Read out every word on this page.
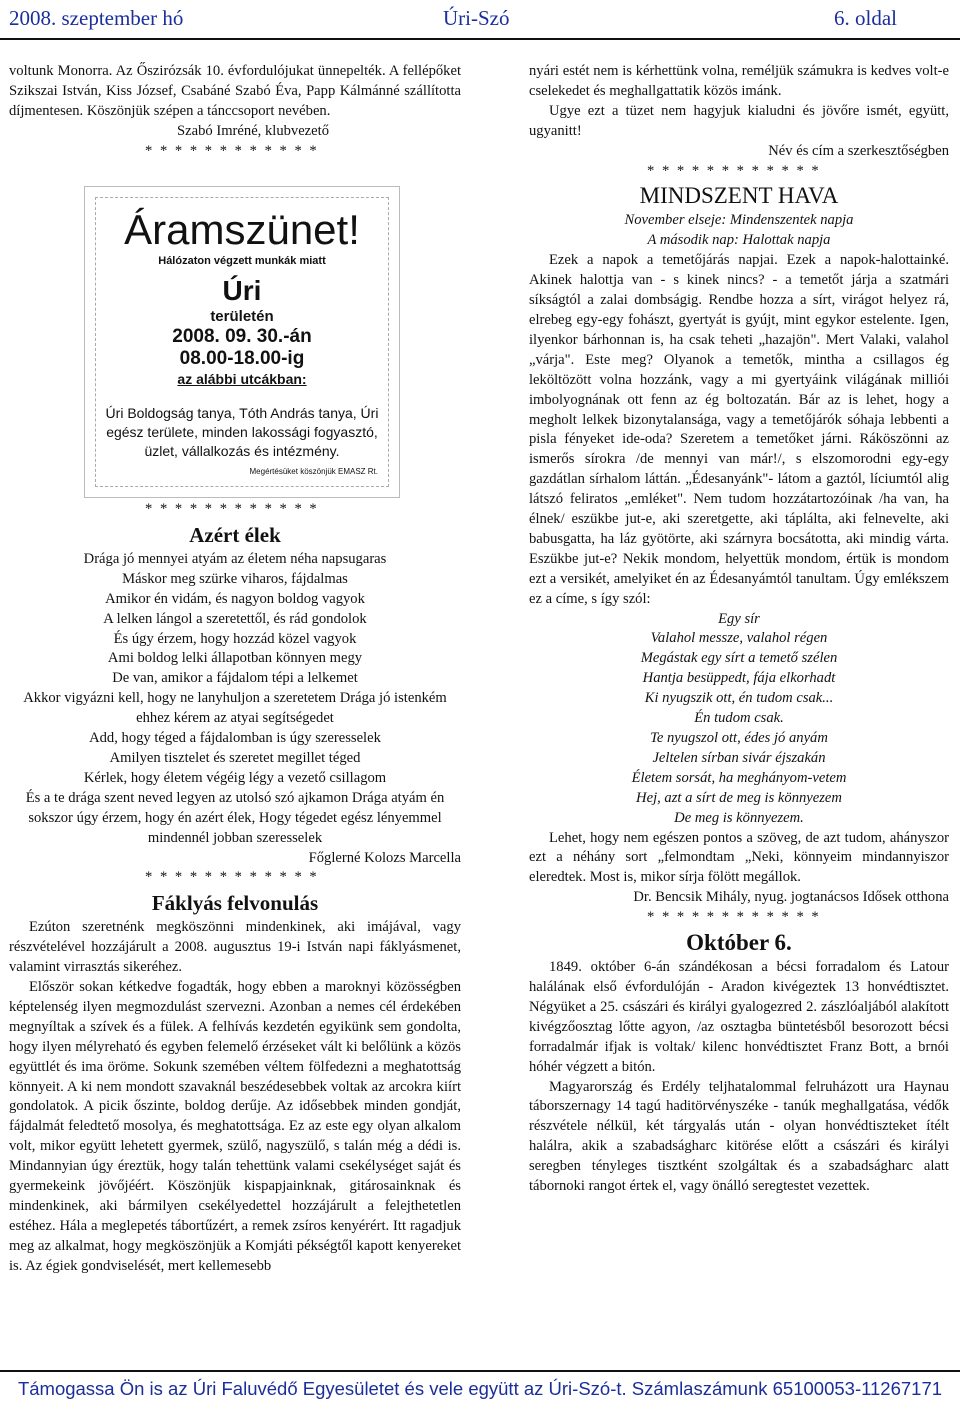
2008. szeptember hó	Úri-Szó	6. oldal

voltunk Monorra. Az Őszirózsák 10. évfordulójukat ünnepelték. A fellépőket Szikszai István, Kiss József, Csabáné Szabó Éva, Papp Kálmánné szállította díjmentesen. Köszönjük szépen a tánccsoport nevében.

Szabó Imréné, klubvezető

* * * * * * * * * * * *

Áramszünet!
Hálózaton végzett munkák miatt
Úri
területén
2008. 09. 30.-án
08.00-18.00-ig
az alábbi utcákban:
Úri Boldogság tanya, Tóth András tanya, Úri egész területe, minden lakossági fogyasztó, üzlet, vállalkozás és intézmény.
Megértésüket köszönjük EMASZ Rt.

* * * * * * * * * * * *

Azért élek

Drága jó mennyei atyám az életem néha napsugaras

Máskor meg szürke viharos, fájdalmas

Amikor én vidám, és nagyon boldog vagyok

A lelken lángol a szeretettől, és rád gondolok

És úgy érzem, hogy hozzád közel vagyok

Ami boldog lelki állapotban könnyen megy

De van, amikor a fájdalom tépi a lelkemet

Akkor vigyázni kell, hogy ne lanyhuljon a szeretetem Drága jó istenkém ehhez kérem az atyai segítségedet

Add, hogy téged a fájdalomban is úgy szeresselek

Amilyen tisztelet és szeretet megillet téged

Kérlek, hogy életem végéig légy a vezető csillagom

És a te drága szent neved legyen az utolsó szó ajkamon Drága atyám én sokszor úgy érzem, hogy én azért élek, Hogy tégedet egész lényemmel mindennél jobban szeresselek

Főglerné Kolozs Marcella

* * * * * * * * * * * *

Fáklyás felvonulás

Ezúton szeretnénk megköszönni mindenkinek, aki imájával, vagy részvételével hozzájárult a 2008. augusztus 19-i István napi fáklyásmenet, valamint virrasztás sikeréhez.

Először sokan kétkedve fogadták, hogy ebben a maroknyi közösségben képtelenség ilyen megmozdulást szervezni. Azonban a nemes cél érdekében megnyíltak a szívek és a fülek. A felhívás kezdetén egyikünk sem gondolta, hogy ilyen mélyreható és egyben felemelő érzéseket vált ki belőlünk a közös együttlét és ima öröme. Sokunk szemében véltem fölfedezni a meghatottság könnyeit. A ki nem mondott szavaknál beszédesebbek voltak az arcokra kiírt gondolatok. A picik őszinte, boldog derűje. Az idősebbek minden gondját, fájdalmát feledtető mosolya, és meghatottsága. Ez az este egy olyan alkalom volt, mikor együtt lehetett gyermek, szülő, nagyszülő, s talán még a dédi is. Mindannyian úgy éreztük, hogy talán tehettünk valami csekélységet saját és gyermekeink jövőjéért. Köszönjük kispapjainknak, gitárosainknak és mindenkinek, aki bármilyen csekélyedettel hozzájárult a felejthetetlen estéhez. Hála a meglepetés tábortűzért, a remek zsíros kenyérért. Itt ragadjuk meg az alkalmat, hogy megköszönjük a Komjáti pékségtől kapott kenyereket is. Az égiek gondviselését, mert kellemesebb

nyári estét nem is kérhettünk volna, reméljük számukra is kedves volt-e cselekedet és meghallgattatik közös imánk.

Ugye ezt a tüzet nem hagyjuk kialudni és jövőre ismét, együtt, ugyanitt!

Név és cím a szerkesztőségben

* * * * * * * * * * * *

MINDSZENT HAVA

November elseje: Mindenszentek napja

A második nap: Halottak napja

Ezek a napok a temetőjárás napjai. Ezek a napok-halottainké. Akinek halottja van - s kinek nincs? - a temetőt járja a szatmári síkságtól a zalai dombságig. Rendbe hozza a sírt, virágot helyez rá, elrebeg egy-egy fohászt, gyertyát is gyújt, mint egykor estelente. Igen, ilyenkor bárhonnan is, ha csak teheti „hazajön". Mert Valaki, valahol „várja". Este meg? Olyanok a temetők, mintha a csillagos ég leköltözött volna hozzánk, vagy a mi gyertyáink világának milliói imbolyognának ott fenn az ég boltozatán. Bár az is lehet, hogy a megholt lelkek bizonytalansága, vagy a temetőjárók sóhaja lebbenti a pisla fényeket ide-oda? Szeretem a temetőket járni. Ráköszönni az ismerős sírokra /de mennyi van már!/, s elszomorodni egy-egy gazdátlan sírhalom láttán. „Édesanyánk"- látom a gaztól, líciumtól alig látszó feliratos „emléket". Nem tudom hozzátartozóinak /ha van, ha élnek/ eszükbe jut-e, aki szeretgette, aki táplálta, aki felnevelte, aki babusgatta, ha láz gyötörte, aki szárnyra bocsátotta, aki mindig várta. Eszükbe jut-e? Nekik mondom, helyettük mondom, értük is mondom ezt a versikét, amelyiket én az Édesanyámtól tanultam. Úgy emlékszem ez a címe, s így szól:

Egy sír

Valahol messze, valahol régen

Megástak egy sírt a temető szélen

Hantja besüppedt, fája elkorhadt

Ki nyugszik ott, én tudom csak...

Én tudom csak.

Te nyugszol ott, édes jó anyám

Jeltelen sírban sivár éjszakán

Életem sorsát, ha meghányom-vetem

Hej, azt a sírt de meg is könnyezem

De meg is könnyezem.

Lehet, hogy nem egészen pontos a szöveg, de azt tudom, ahányszor ezt a néhány sort „felmondtam „Neki, könnyeim mindannyiszor eleredtek. Most is, mikor sírja fölött megállok.

Dr. Bencsik Mihály, nyug. jogtanácsos Idősek otthona

* * * * * * * * * * * *

Október 6.

1849. október 6-án szándékosan a bécsi forradalom és Latour halálának első évfordulóján - Aradon kivégeztek 13 honvédtisztet. Négyüket a 25. császári és királyi gyalogezred 2. zászlóaljából alakított kivégzőosztag lőtte agyon, /az osztagba büntetésből besorozott bécsi forradalmár ifjak is voltak/ kilenc honvédtisztet Franz Bott, a brnói hóhér végzett a bitón.

Magyarország és Erdély teljhatalommal felruházott ura Haynau táborszernagy 14 tagú haditörvényszéke - tanúk meghallgatása, védők részvétele nélkül, két tárgyalás után - olyan honvédtiszteket ítélt halálra, akik a szabadságharc kitörése előtt a császári és királyi seregben tényleges tisztként szolgáltak és a szabadságharc alatt tábornoki rangot értek el, vagy önálló seregtestet vezettek.

Támogassa Ön is az Úri Faluvédő Egyesületet és vele együtt az Úri-Szó-t. Számlaszámunk 65100053-11267171
